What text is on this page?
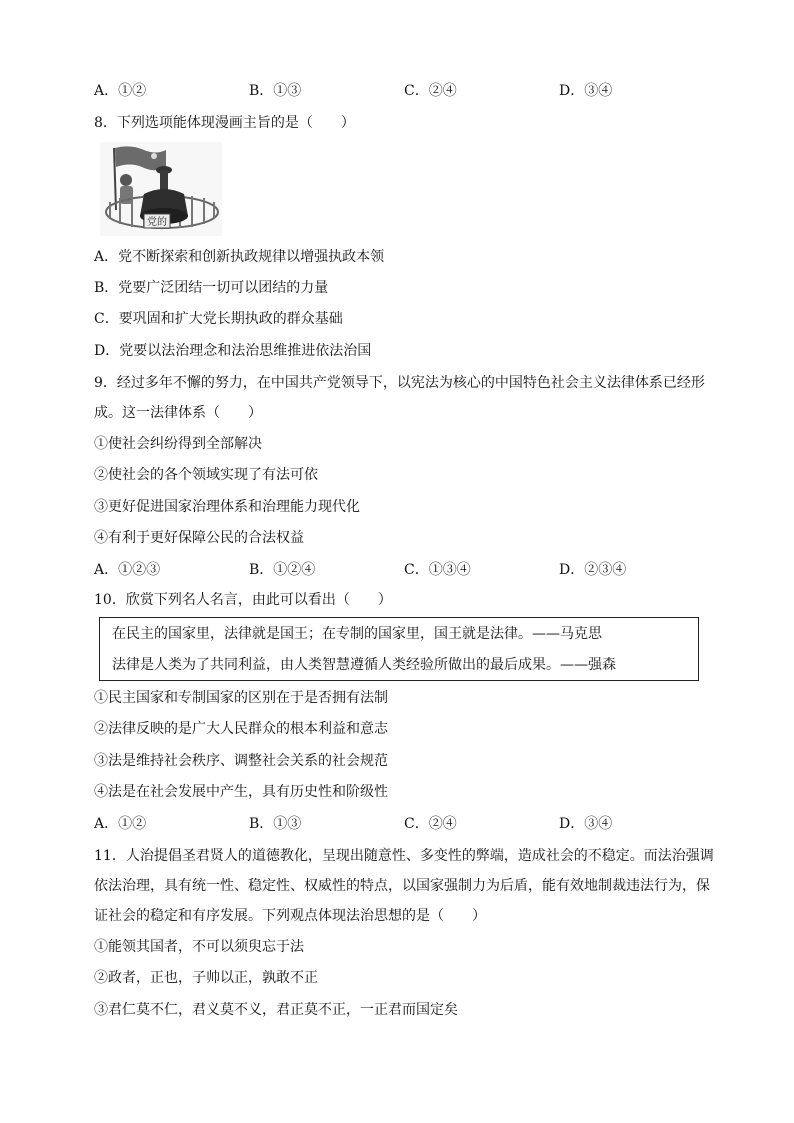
A．①②	B．①③	C．②④	D．③④
8．下列选项能体现漫画主旨的是（　　）
党的
A．党不断探索和创新执政规律以增强执政本领
B．党要广泛团结一切可以团结的力量
C．要巩固和扩大党长期执政的群众基础
D．党要以法治理念和法治思维推进依法治国
9．经过多年不懈的努力，在中国共产党领导下，以宪法为核心的中国特色社会主义法律体系已经形
成。这一法律体系（　　）
①使社会纠纷得到全部解决
②使社会的各个领域实现了有法可依
③更好促进国家治理体系和治理能力现代化
④有利于更好保障公民的合法权益
A．①②③	B．①②④	C．①③④	D．②③④
10．欣赏下列名人名言，由此可以看出（　　）
在民主的国家里，法律就是国王；在专制的国家里，国王就是法律。——马克思
法律是人类为了共同利益，由人类智慧遵循人类经验所做出的最后成果。——强森
①民主国家和专制国家的区别在于是否拥有法制
②法律反映的是广大人民群众的根本利益和意志
③法是维持社会秩序、调整社会关系的社会规范
④法是在社会发展中产生，具有历史性和阶级性
A．①②	B．①③	C．②④	D．③④
11．人治提倡圣君贤人的道德教化，呈现出随意性、多变性的弊端，造成社会的不稳定。而法治强调
依法治理，具有统一性、稳定性、权威性的特点，以国家强制力为后盾，能有效地制裁违法行为，保
证社会的稳定和有序发展。下列观点体现法治思想的是（　　）
①能领其国者，不可以须臾忘于法
②政者，正也，子帅以正，孰敢不正
③君仁莫不仁，君义莫不义，君正莫不正，一正君而国定矣
